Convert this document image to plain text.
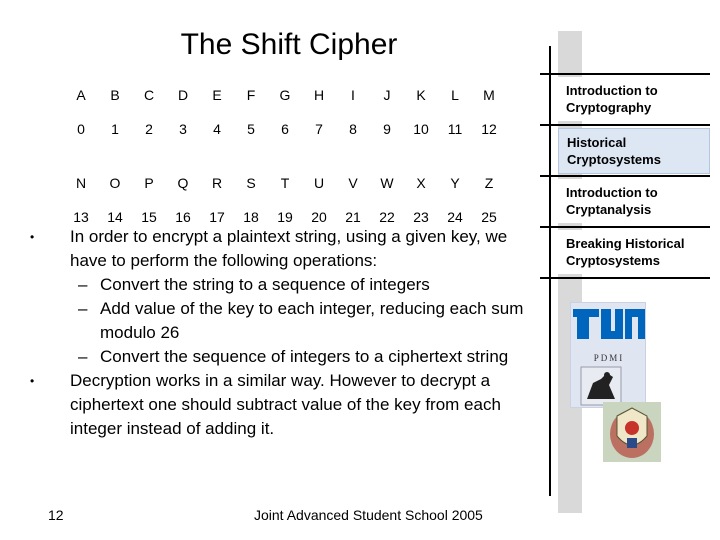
The Shift Cipher
A	B	C	D	E	F	G	H	I	J	K	L	M
0	1	2	3	4	5	6	7	8	9	10	11	12

N	O	P	Q	R	S	T	U	V	W	X	Y	Z
13	14	15	16	17	18	19	20	21	22	23	24	25
• In order to encrypt a plaintext string, using a given key, we have to perform the following operations:
– Convert the string to a sequence of integers
– Add value of the key to each integer, reducing each sum modulo 26
– Convert the sequence of integers to a ciphertext string
• Decryption works in a similar way. However to decrypt a ciphertext one should subtract value of the key from each integer instead of adding it.
12	Joint Advanced Student School 2005
Introduction to Cryptography
Historical Cryptosystems
Introduction to Cryptanalysis
Breaking Historical Cryptosystems
PDMI
